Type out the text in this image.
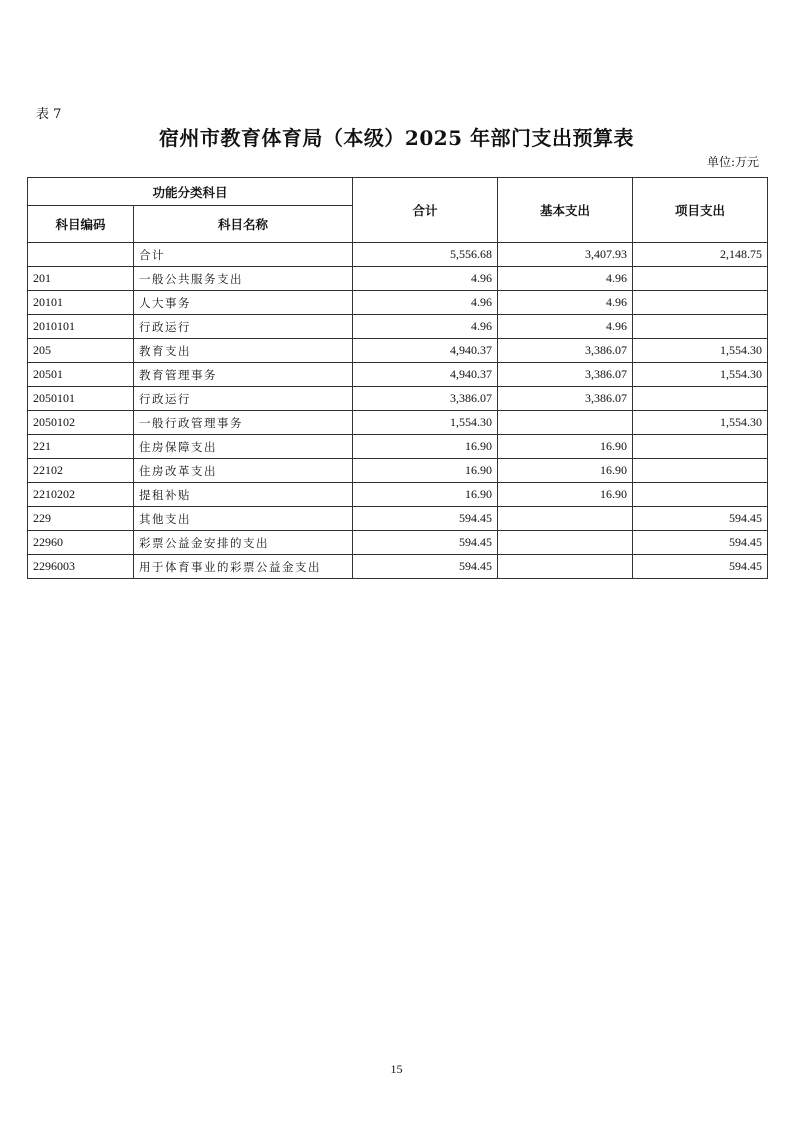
表 7
宿州市教育体育局（本级）2025 年部门支出预算表
单位:万元
功能分类科目		合计	基本支出	项目支出
科目编码	科目名称			
	合计	5,556.68	3,407.93	2,148.75
201	一般公共服务支出	4.96	4.96	
20101	人大事务	4.96	4.96	
2010101	行政运行	4.96	4.96	
205	教育支出	4,940.37	3,386.07	1,554.30
20501	教育管理事务	4,940.37	3,386.07	1,554.30
2050101	行政运行	3,386.07	3,386.07	
2050102	一般行政管理事务	1,554.30		1,554.30
221	住房保障支出	16.90	16.90	
22102	住房改革支出	16.90	16.90	
2210202	提租补贴	16.90	16.90	
229	其他支出	594.45		594.45
22960	彩票公益金安排的支出	594.45		594.45
2296003	用于体育事业的彩票公益金支出	594.45		594.45
15
